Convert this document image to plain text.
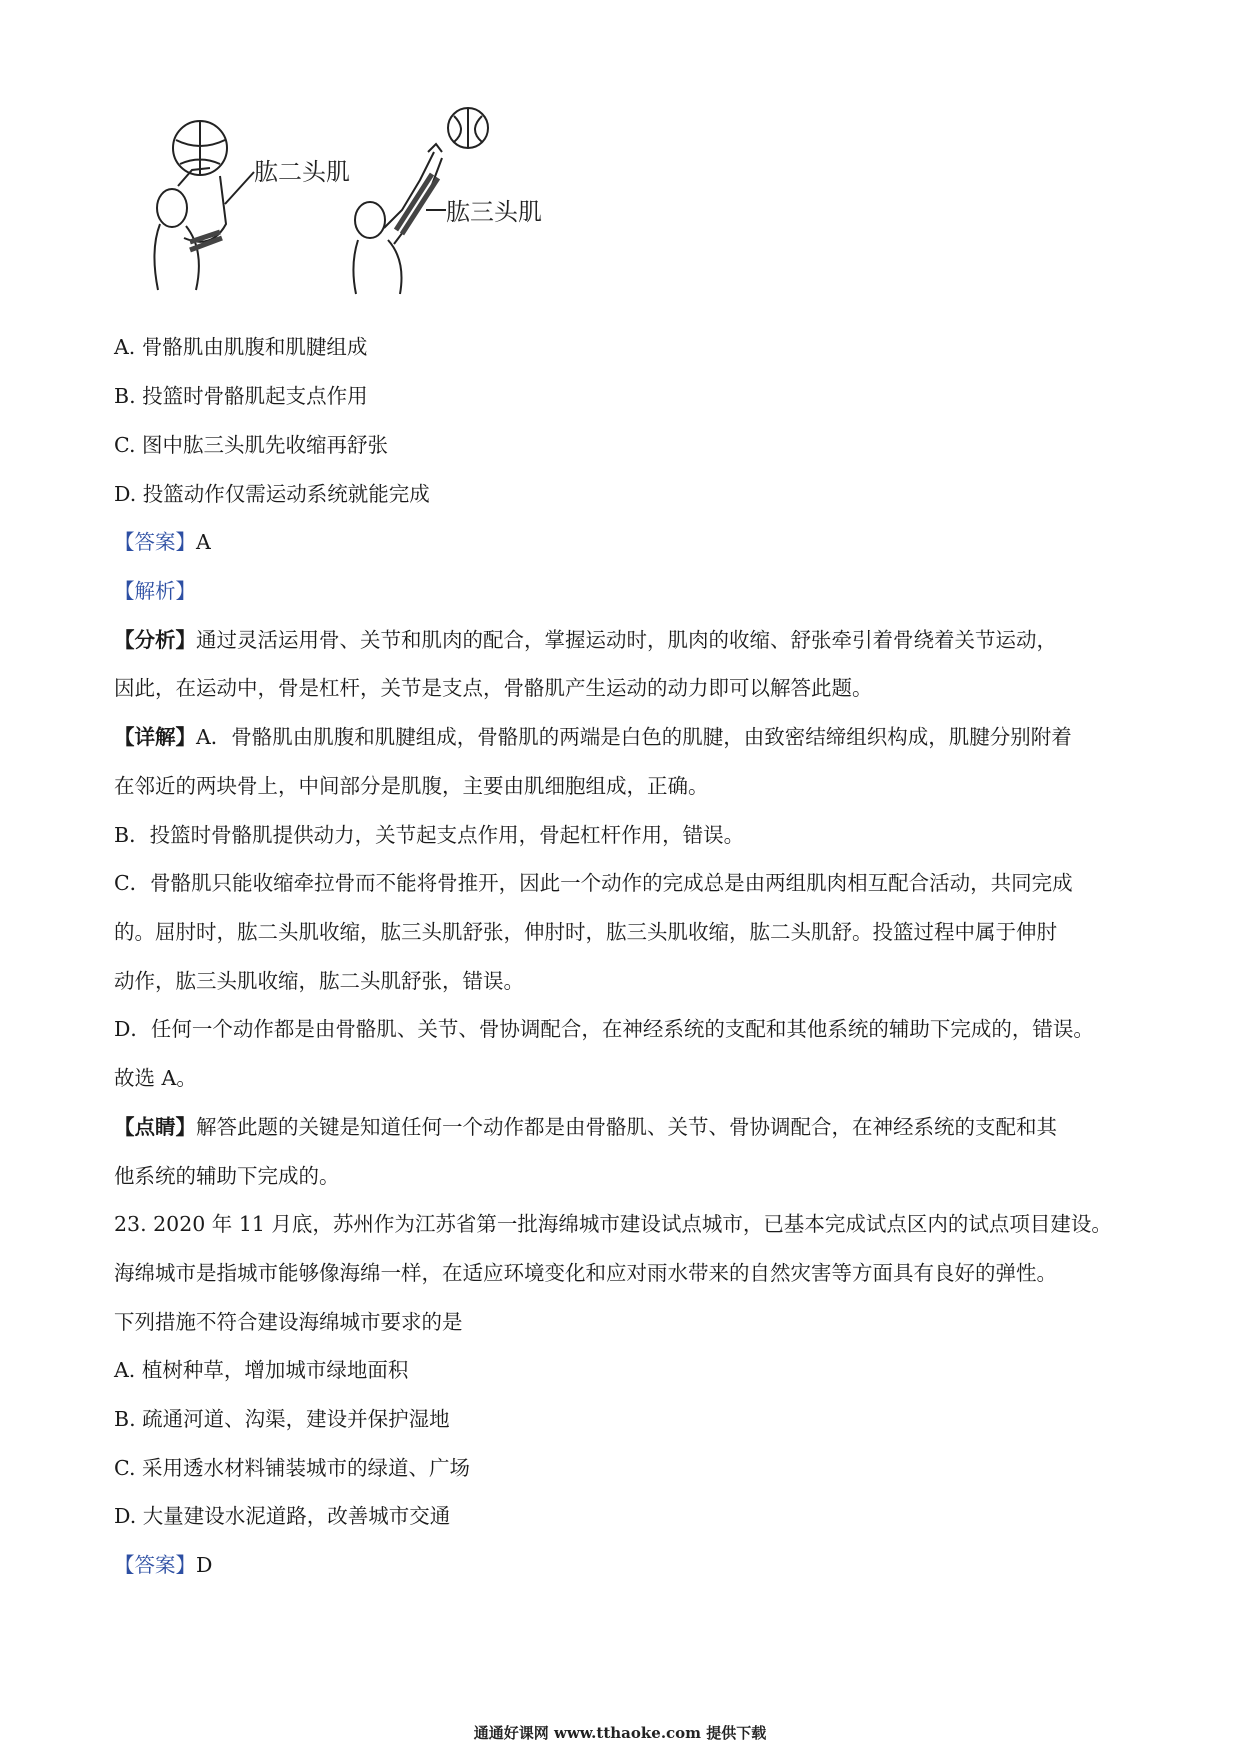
肱二头肌
肱三头肌
A. 骨骼肌由肌腹和肌腱组成
B. 投篮时骨骼肌起支点作用
C. 图中肱三头肌先收缩再舒张
D. 投篮动作仅需运动系统就能完成
【答案】A
【解析】
【分析】通过灵活运用骨、关节和肌肉的配合，掌握运动时，肌肉的收缩、舒张牵引着骨绕着关节运动，
因此，在运动中，骨是杠杆，关节是支点，骨骼肌产生运动的动力即可以解答此题。
【详解】A．骨骼肌由肌腹和肌腱组成，骨骼肌的两端是白色的肌腱，由致密结缔组织构成，肌腱分别附着
在邻近的两块骨上，中间部分是肌腹，主要由肌细胞组成，正确。
B．投篮时骨骼肌提供动力，关节起支点作用，骨起杠杆作用，错误。
C．骨骼肌只能收缩牵拉骨而不能将骨推开，因此一个动作的完成总是由两组肌肉相互配合活动，共同完成
的。屈肘时，肱二头肌收缩，肱三头肌舒张，伸肘时，肱三头肌收缩，肱二头肌舒。投篮过程中属于伸肘
动作，肱三头肌收缩，肱二头肌舒张，错误。
D．任何一个动作都是由骨骼肌、关节、骨协调配合，在神经系统的支配和其他系统的辅助下完成的，错误。
故选 A。
【点睛】解答此题的关键是知道任何一个动作都是由骨骼肌、关节、骨协调配合，在神经系统的支配和其
他系统的辅助下完成的。
23. 2020 年 11 月底，苏州作为江苏省第一批海绵城市建设试点城市，已基本完成试点区内的试点项目建设。
海绵城市是指城市能够像海绵一样，在适应环境变化和应对雨水带来的自然灾害等方面具有良好的弹性。
下列措施不符合建设海绵城市要求的是
A. 植树种草，增加城市绿地面积
B. 疏通河道、沟渠，建设并保护湿地
C. 采用透水材料铺装城市的绿道、广场
D. 大量建设水泥道路，改善城市交通
【答案】D
通通好课网 www.tthaoke.com 提供下载
